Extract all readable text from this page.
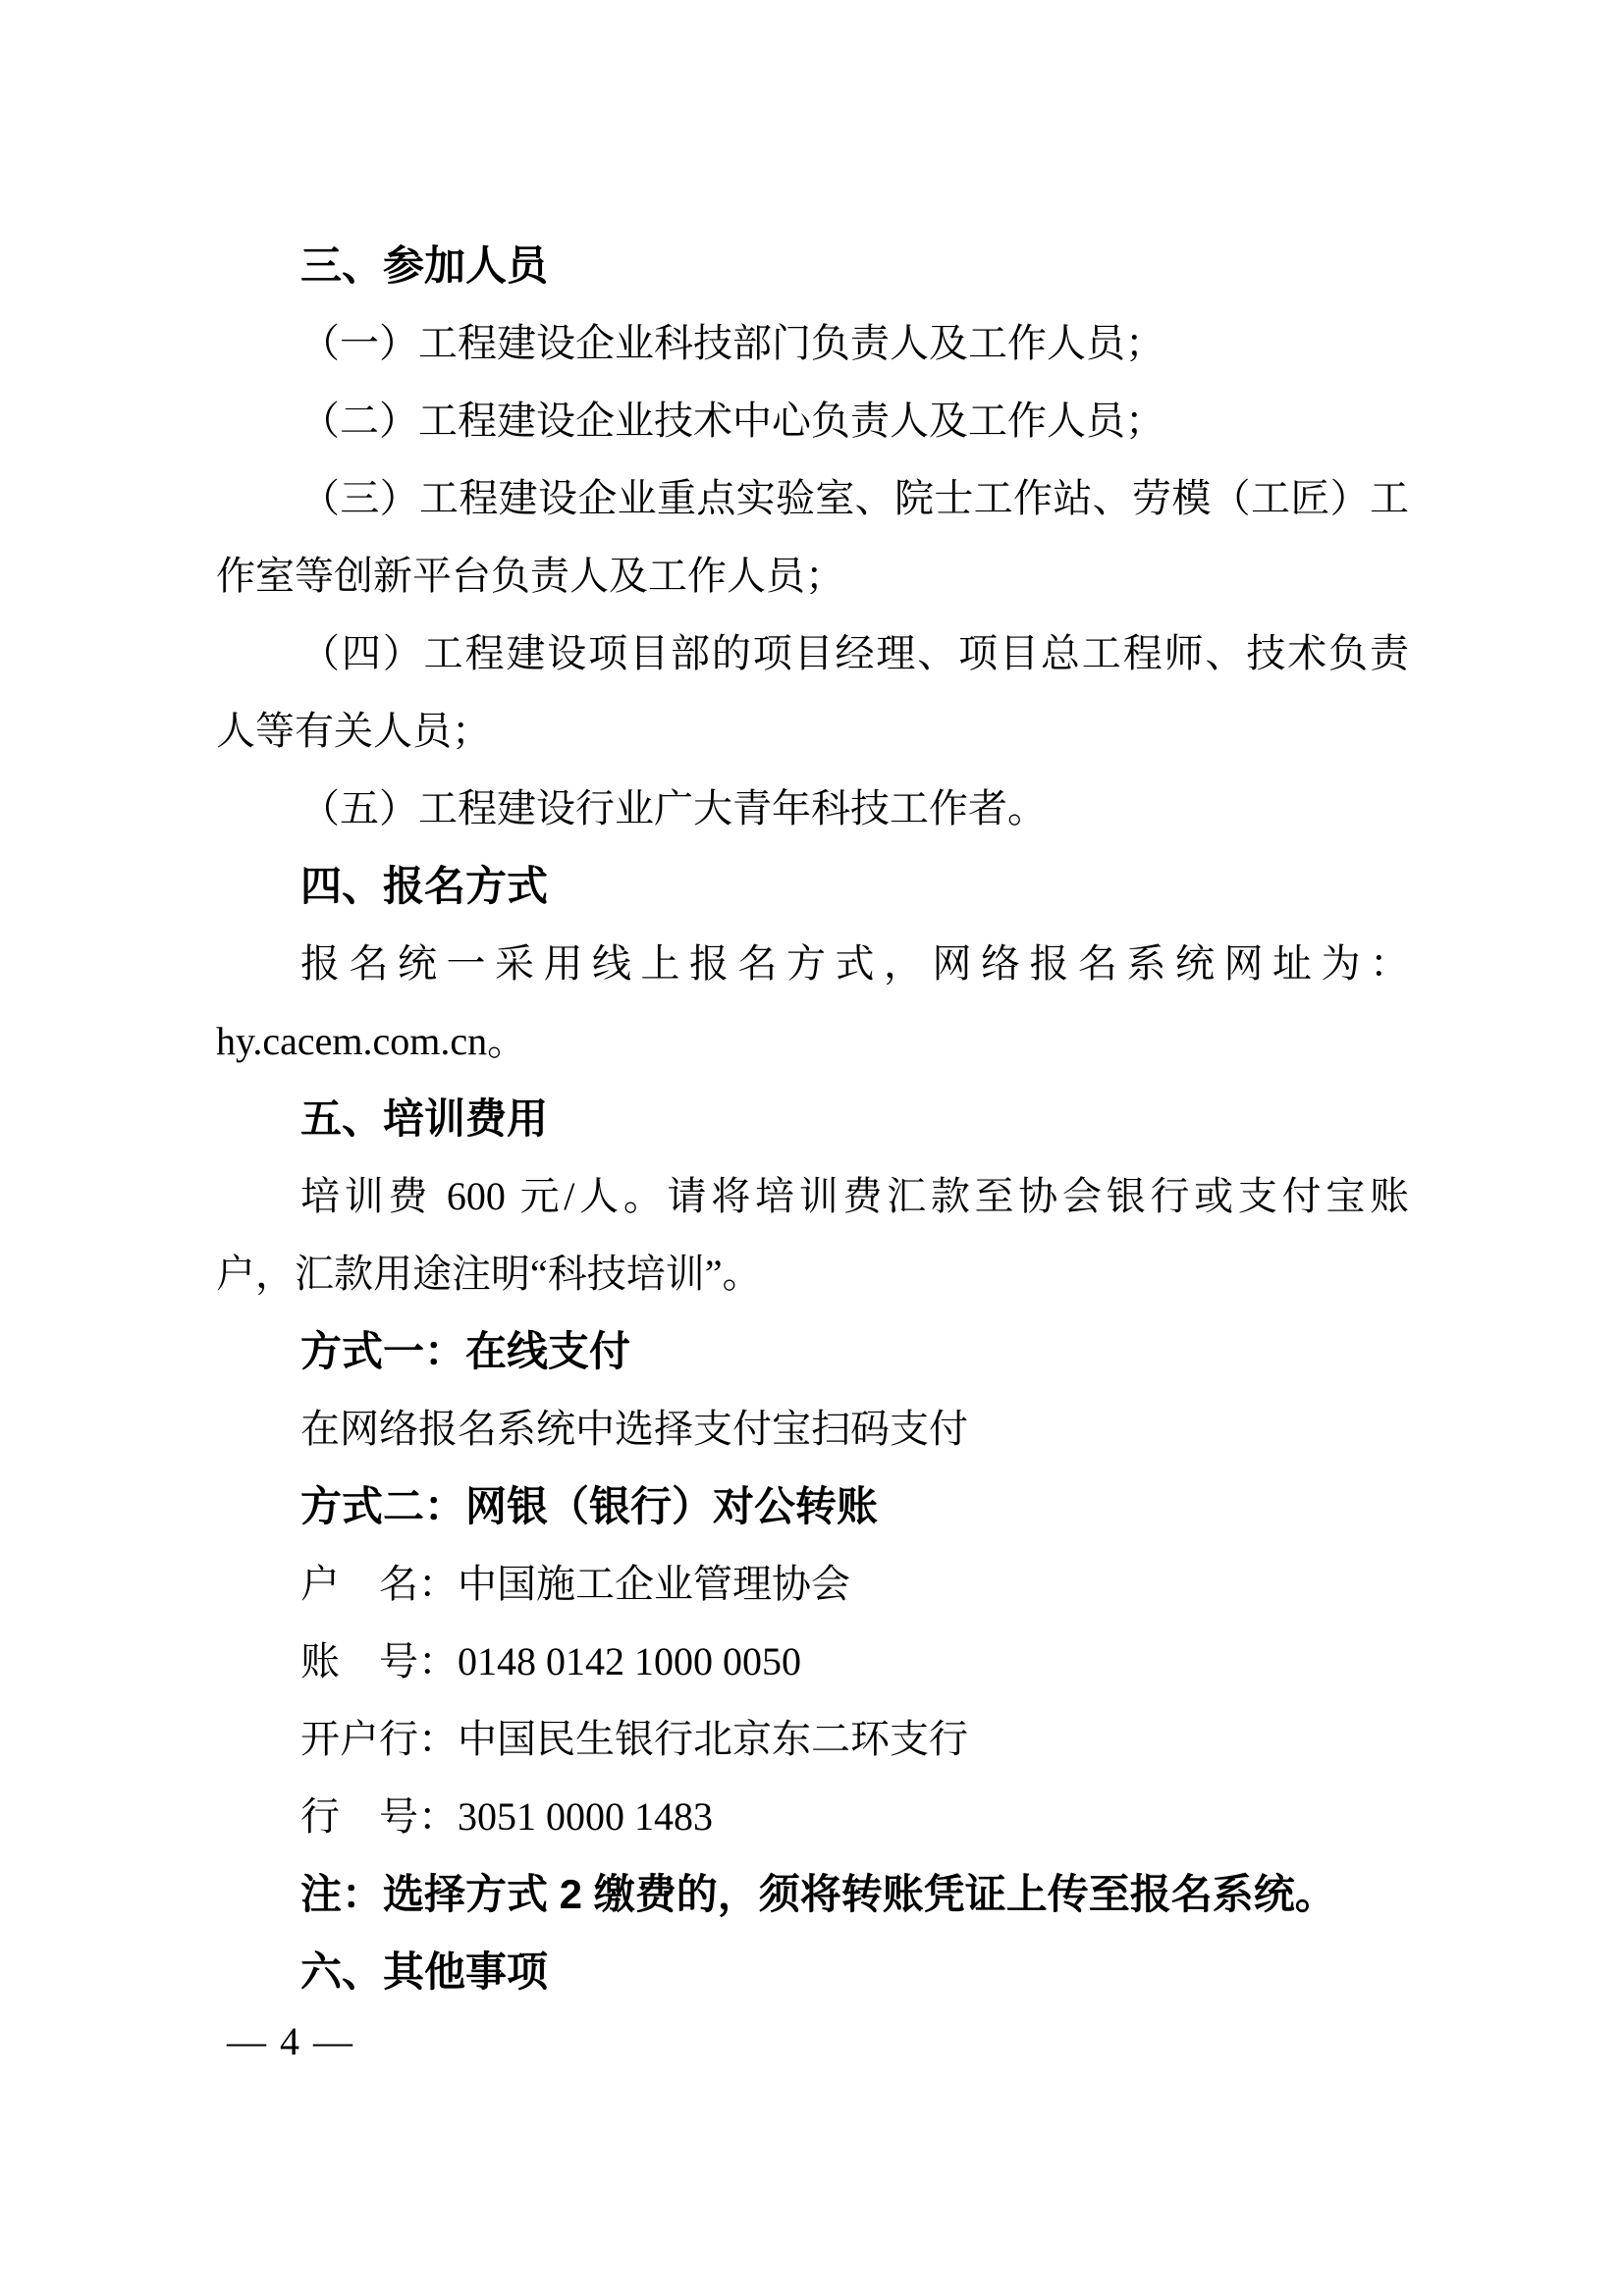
三、参加人员
（一）工程建设企业科技部门负责人及工作人员；
（二）工程建设企业技术中心负责人及工作人员；
（三）工程建设企业重点实验室、院士工作站、劳模（工匠）工
作室等创新平台负责人及工作人员；
（四）工程建设项目部的项目经理、项目总工程师、技术负责
人等有关人员；
（五）工程建设行业广大青年科技工作者。
四、报名方式
报名统一采用线上报名方式，网络报名系统网址为：
hy.cacem.com.cn。
五、培训费用
培训费 600 元/人。请将培训费汇款至协会银行或支付宝账
户，汇款用途注明“科技培训”。
方式一：在线支付
在网络报名系统中选择支付宝扫码支付
方式二：网银（银行）对公转账
户　名：中国施工企业管理协会
账　号：0148 0142 1000 0050
开户行：中国民生银行北京东二环支行
行　号：3051 0000 1483
注：选择方式 2 缴费的，须将转账凭证上传至报名系统。
六、其他事项
— 4 —
